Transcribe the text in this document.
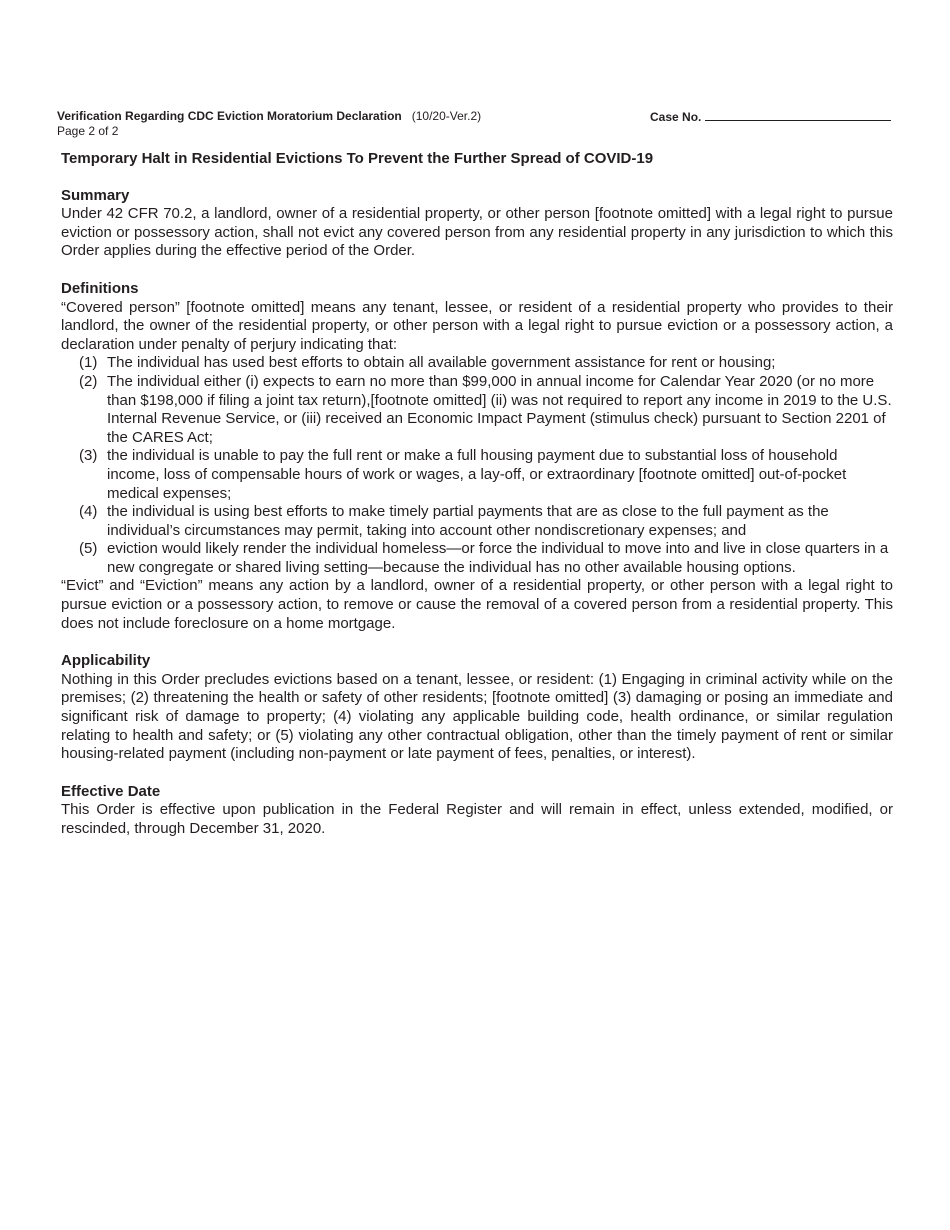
Verification Regarding CDC Eviction Moratorium Declaration (10/20-Ver.2)	Case No.
Page 2 of 2
Temporary Halt in Residential Evictions To Prevent the Further Spread of COVID-19
Summary

Under 42 CFR 70.2, a landlord, owner of a residential property, or other person [footnote omitted] with a legal right to pursue eviction or possessory action, shall not evict any covered person from any residential property in any jurisdiction to which this Order applies during the effective period of the Order.

Definitions

“Covered person” [footnote omitted] means any tenant, lessee, or resident of a residential property who provides to their landlord, the owner of the residential property, or other person with a legal right to pursue eviction or a possessory action, a declaration under penalty of perjury indicating that:

(1) The individual has used best efforts to obtain all available government assistance for rent or housing;
(2) The individual either (i) expects to earn no more than $99,000 in annual income for Calendar Year 2020 (or no more than $198,000 if filing a joint tax return),[footnote omitted] (ii) was not required to report any income in 2019 to the U.S. Internal Revenue Service, or (iii) received an Economic Impact Payment (stimulus check) pursuant to Section 2201 of the CARES Act;
(3) the individual is unable to pay the full rent or make a full housing payment due to substantial loss of household income, loss of compensable hours of work or wages, a lay-off, or extraordinary [footnote omitted] out-of-pocket medical expenses;
(4) the individual is using best efforts to make timely partial payments that are as close to the full payment as the individual’s circumstances may permit, taking into account other nondiscretionary expenses; and
(5) eviction would likely render the individual homeless—or force the individual to move into and live in close quarters in a new congregate or shared living setting—because the individual has no other available housing options.

“Evict” and “Eviction” means any action by a landlord, owner of a residential property, or other person with a legal right to pursue eviction or a possessory action, to remove or cause the removal of a covered person from a residential property. This does not include foreclosure on a home mortgage.

Applicability

Nothing in this Order precludes evictions based on a tenant, lessee, or resident: (1) Engaging in criminal activity while on the premises; (2) threatening the health or safety of other residents; [footnote omitted] (3) damaging or posing an immediate and significant risk of damage to property; (4) violating any applicable building code, health ordinance, or similar regulation relating to health and safety; or (5) violating any other contractual obligation, other than the timely payment of rent or similar housing-related payment (including non-payment or late payment of fees, penalties, or interest).

Effective Date

This Order is effective upon publication in the Federal Register and will remain in effect, unless extended, modified, or rescinded, through December 31, 2020.
